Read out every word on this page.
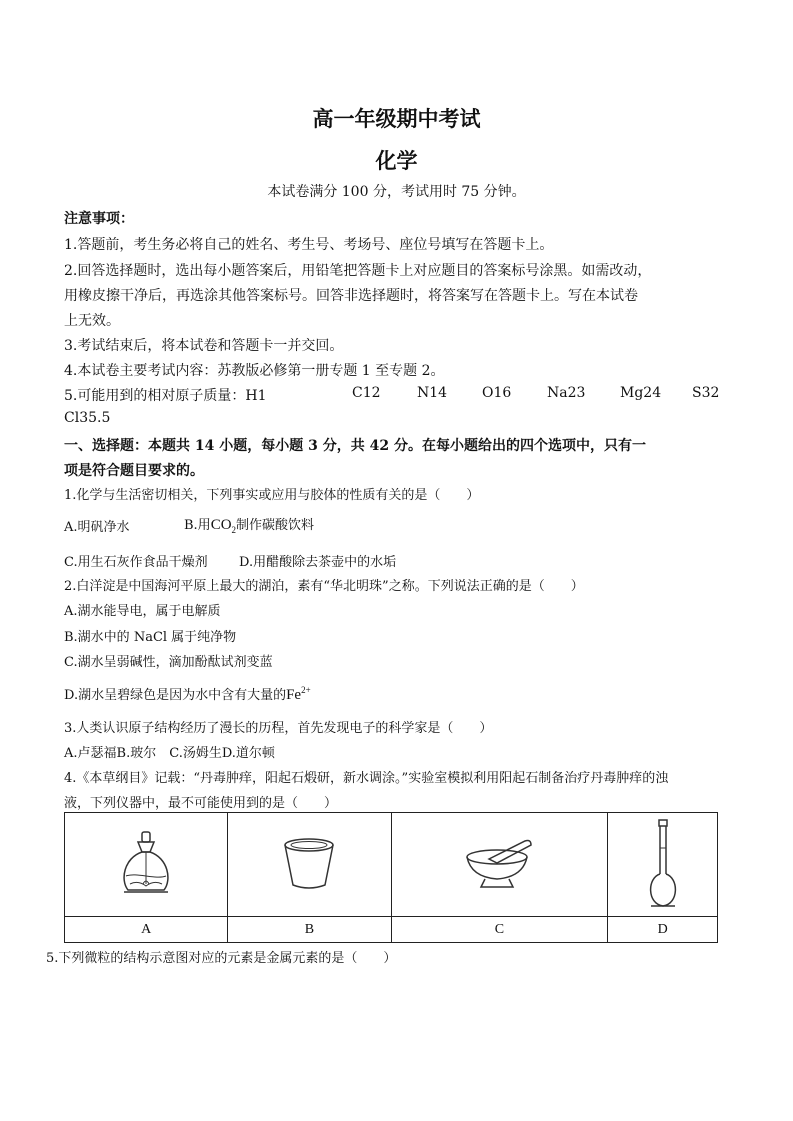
高一年级期中考试
化学
本试卷满分 100 分，考试用时 75 分钟。
注意事项：
1.答题前，考生务必将自己的姓名、考生号、考场号、座位号填写在答题卡上。
2.回答选择题时，选出每小题答案后，用铅笔把答题卡上对应题目的答案标号涂黑。如需改动，
用橡皮擦干净后，再选涂其他答案标号。回答非选择题时，将答案写在答题卡上。写在本试卷
上无效。
3.考试结束后，将本试卷和答题卡一并交回。
4.本试卷主要考试内容：苏教版必修第一册专题 1 至专题 2。
5.可能用到的相对原子质量：H1	C12	N14 O16	Na23 Mg24 S32
Cl35.5
一、选择题：本题共 14 小题，每小题 3 分，共 42 分。在每小题给出的四个选项中，只有一
项是符合题目要求的。
1.化学与生活密切相关，下列事实或应用与胶体的性质有关的是（　　）
A.明矾净水	B.用$CO_2$制作碳酸饮料
C.用生石灰作食品干燥剂 D.用醋酸除去茶壶中的水垢
2.白洋淀是中国海河平原上最大的湖泊，素有“华北明珠”之称。下列说法正确的是（　　）
A.湖水能导电，属于电解质
B.湖水中的 NaCl 属于纯净物
C.湖水呈弱碱性，滴加酚酞试剂变蓝
D.湖水呈碧绿色是因为水中含有大量的$Fe^{2+}$
3.人类认识原子结构经历了漫长的历程，首先发现电子的科学家是（　　）
A.卢瑟福B.玻尔　C.汤姆生D.道尔顿
4.《本草纲目》记载：“丹毒肿痒，阳起石煅研，新水调涂。”实验室模拟利用阳起石制备治疗丹毒肿痒的浊
液，下列仪器中，最不可能使用到的是（　　）

A	B	C	D
5.下列微粒的结构示意图对应的元素是金属元素的是（　　）
